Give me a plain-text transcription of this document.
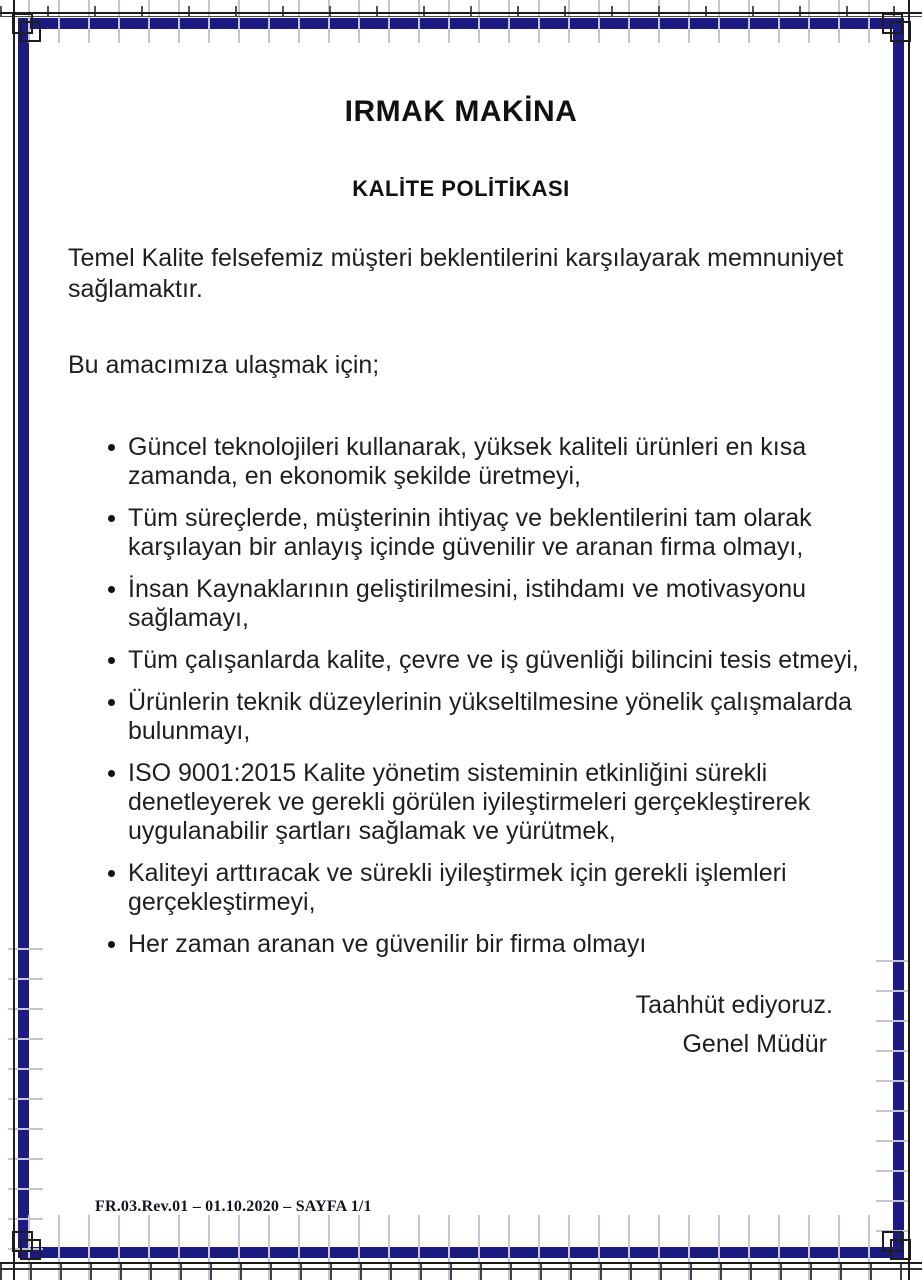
IRMAK MAKİNA
KALİTE POLİTİKASI

Temel Kalite felsefemiz müşteri beklentilerini karşılayarak memnuniyet sağlamaktır.

Bu amacımıza ulaşmak için;

Güncel teknolojileri kullanarak, yüksek kaliteli ürünleri en kısa zamanda, en ekonomik şekilde üretmeyi,
Tüm süreçlerde, müşterinin ihtiyaç ve beklentilerini tam olarak karşılayan bir anlayış içinde güvenilir ve aranan firma olmayı,
İnsan Kaynaklarının geliştirilmesini, istihdamı ve motivasyonu sağlamayı,
Tüm çalışanlarda kalite, çevre ve iş güvenliği bilincini tesis etmeyi,
Ürünlerin teknik düzeylerinin yükseltilmesine yönelik çalışmalarda bulunmayı,
ISO 9001:2015 Kalite yönetim sisteminin etkinliğini sürekli denetleyerek ve gerekli görülen iyileştirmeleri gerçekleştirerek uygulanabilir şartları sağlamak ve yürütmek,
Kaliteyi arttıracak ve sürekli iyileştirmek için gerekli işlemleri gerçekleştirmeyi,
Her zaman aranan ve güvenilir bir firma olmayı

Taahhüt ediyoruz.

Genel Müdür

FR.03.Rev.01 – 01.10.2020 – SAYFA 1/1
